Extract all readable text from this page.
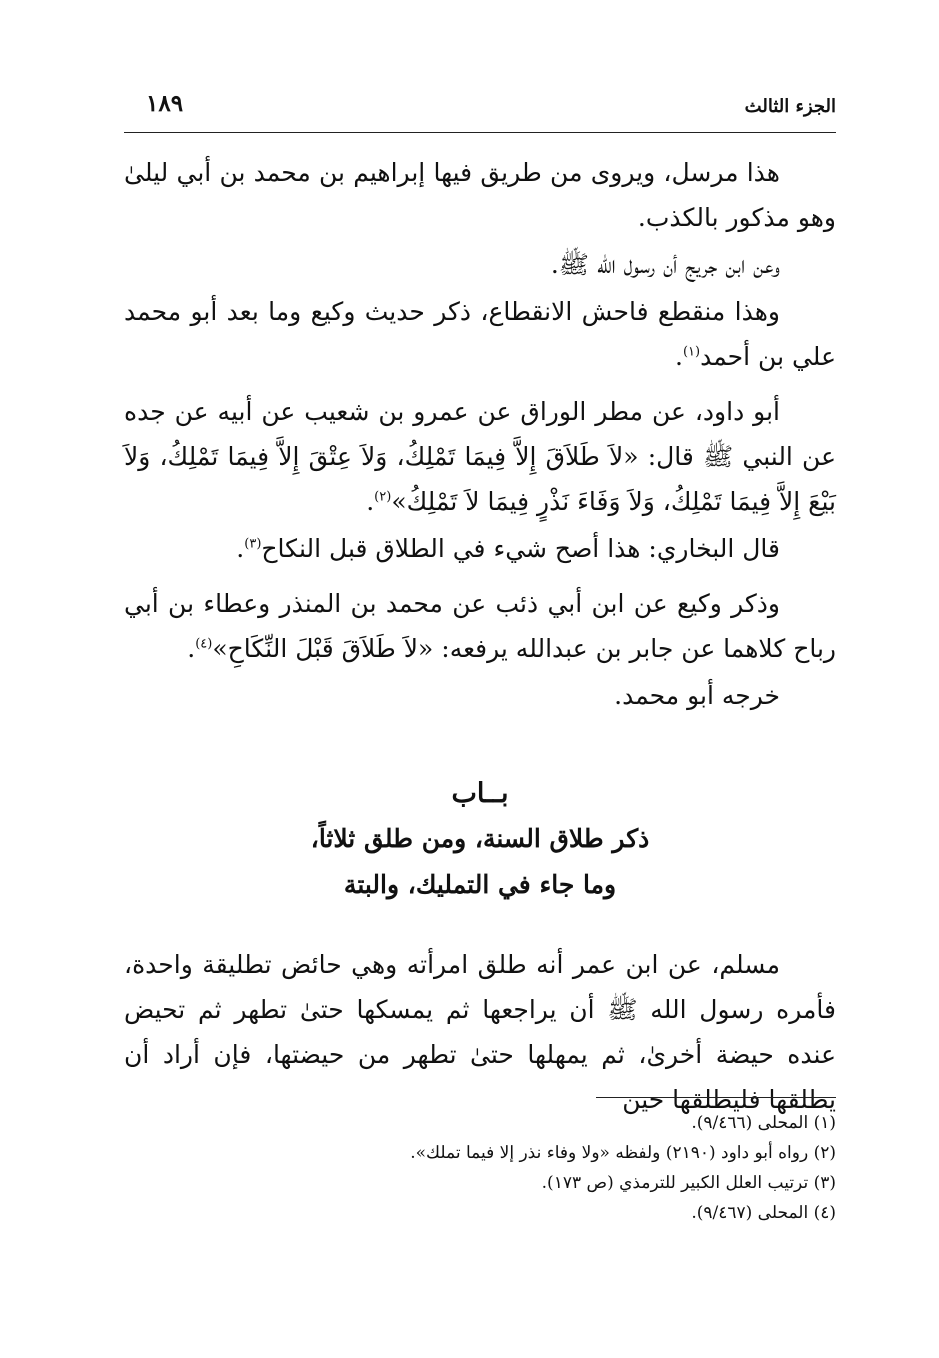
الجزء الثالث
١٨٩

هذا مرسل، ويروى من طريق فيها إبراهيم بن محمد بن أبي ليلىٰ وهو مذكور بالكذب.

وعن ابن جريج أن رسول الله ﷺ.

وهذا منقطع فاحش الانقطاع، ذكر حديث وكيع وما بعد أبو محمد علي بن أحمد$^{(١)}$.

أبو داود، عن مطر الوراق عن عمرو بن شعيب عن أبيه عن جده عن النبي ﷺ قال: «لاَ طَلاَقَ إِلاَّ فِيمَا تَمْلِكُ، وَلاَ عِتْقَ إِلاَّ فِيمَا تَمْلِكُ، وَلاَ بَيْعَ إِلاَّ فِيمَا تَمْلِكُ، وَلاَ وَفَاءَ نَذْرٍ فِيمَا لاَ تَمْلِكُ»$^{(٢)}$.

قال البخاري: هذا أصح شيء في الطلاق قبل النكاح$^{(٣)}$.

وذكر وكيع عن ابن أبي ذئب عن محمد بن المنذر وعطاء بن أبي رباح كلاهما عن جابر بن عبدالله يرفعه: «لاَ طَلاَقَ قَبْلَ النِّكَاحِ»$^{(٤)}$.

خرجه أبو محمد.

بــاب
ذكر طلاق السنة، ومن طلق ثلاثاً،
وما جاء في التمليك، والبتة

مسلم، عن ابن عمر أنه طلق امرأته وهي حائض تطليقة واحدة، فأمره رسول الله ﷺ أن يراجعها ثم يمسكها حتىٰ تطهر ثم تحيض عنده حيضة أخرىٰ، ثم يمهلها حتىٰ تطهر من حيضتها، فإن أراد أن يطلقها فليطلقها حين

(١) المحلى (٩/٤٦٦).
(٢) رواه أبو داود (٢١٩٠) ولفظه «ولا وفاء نذر إلا فيما تملك».
(٣) ترتيب العلل الكبير للترمذي (ص ١٧٣).
(٤) المحلى (٩/٤٦٧).
